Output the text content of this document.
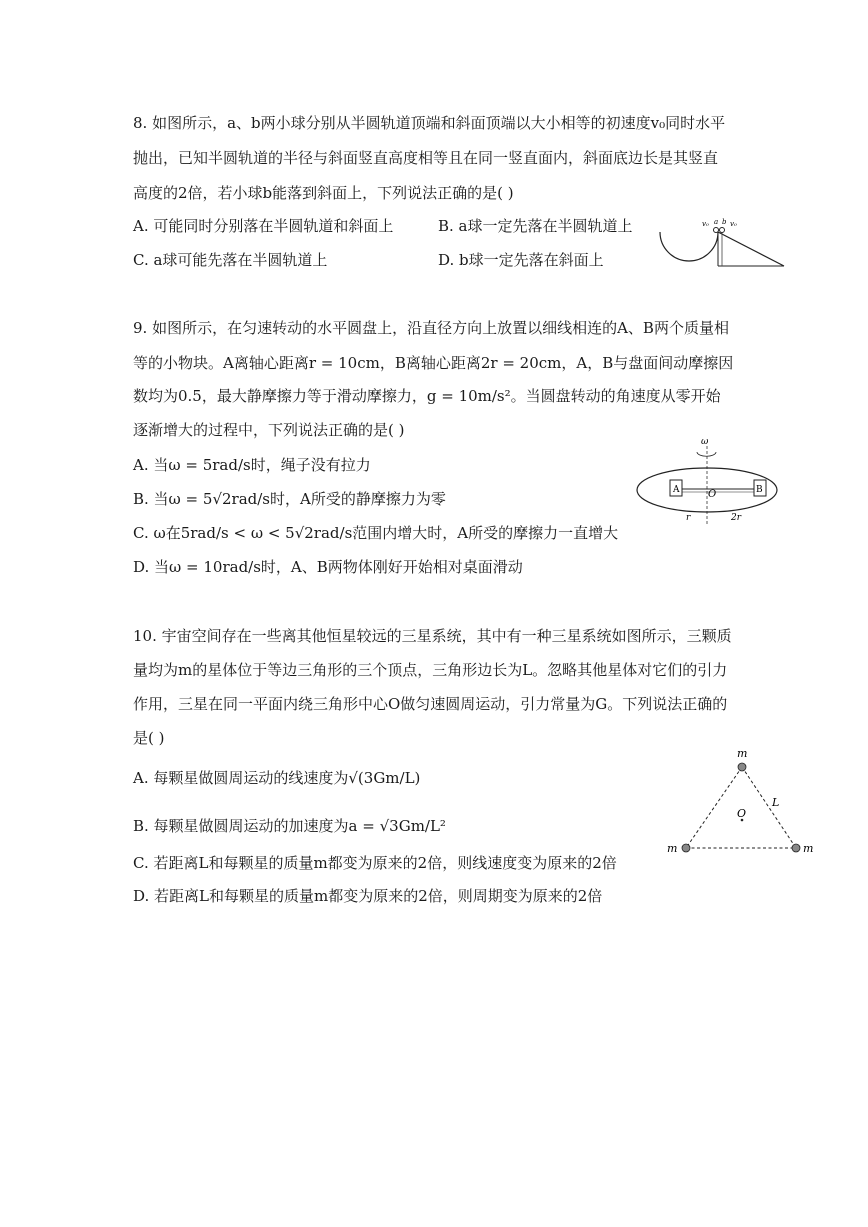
8. 如图所示，a、b两小球分别从半圆轨道顶端和斜面顶端以大小相等的初速度v₀同时水平
抛出，已知半圆轨道的半径与斜面竖直高度相等且在同一竖直面内，斜面底边长是其竖直
高度的2倍，若小球b能落到斜面上，下列说法正确的是( )
A. 可能同时分别落在半圆轨道和斜面上	B. a球一定先落在半圆轨道上
C. a球可能先落在半圆轨道上	D. b球一定先落在斜面上
v₀ a b v₀
9. 如图所示，在匀速转动的水平圆盘上，沿直径方向上放置以细线相连的A、B两个质量相
等的小物块。A离轴心距离r = 10cm，B离轴心距离2r = 20cm，A，B与盘面间动摩擦因
数均为0.5，最大静摩擦力等于滑动摩擦力，g = 10m/s²。当圆盘转动的角速度从零开始
逐渐增大的过程中，下列说法正确的是( )
A. 当ω = 5rad/s时，绳子没有拉力
B. 当ω = 5√2rad/s时，A所受的静摩擦力为零
C. ω在5rad/s < ω < 5√2rad/s范围内增大时，A所受的摩擦力一直增大
D. 当ω = 10rad/s时，A、B两物体刚好开始相对桌面滑动
ω
A	O	B
r	2r
10. 宇宙空间存在一些离其他恒星较远的三星系统，其中有一种三星系统如图所示，三颗质
量均为m的星体位于等边三角形的三个顶点，三角形边长为L。忽略其他星体对它们的引力
作用，三星在同一平面内绕三角形中心O做匀速圆周运动，引力常量为G。下列说法正确的
是( )
A. 每颗星做圆周运动的线速度为√(3Gm/L)
B. 每颗星做圆周运动的加速度为a = √3Gm/L²
C. 若距离L和每颗星的质量m都变为原来的2倍，则线速度变为原来的2倍
D. 若距离L和每颗星的质量m都变为原来的2倍，则周期变为原来的2倍
m
L
O
m	m
